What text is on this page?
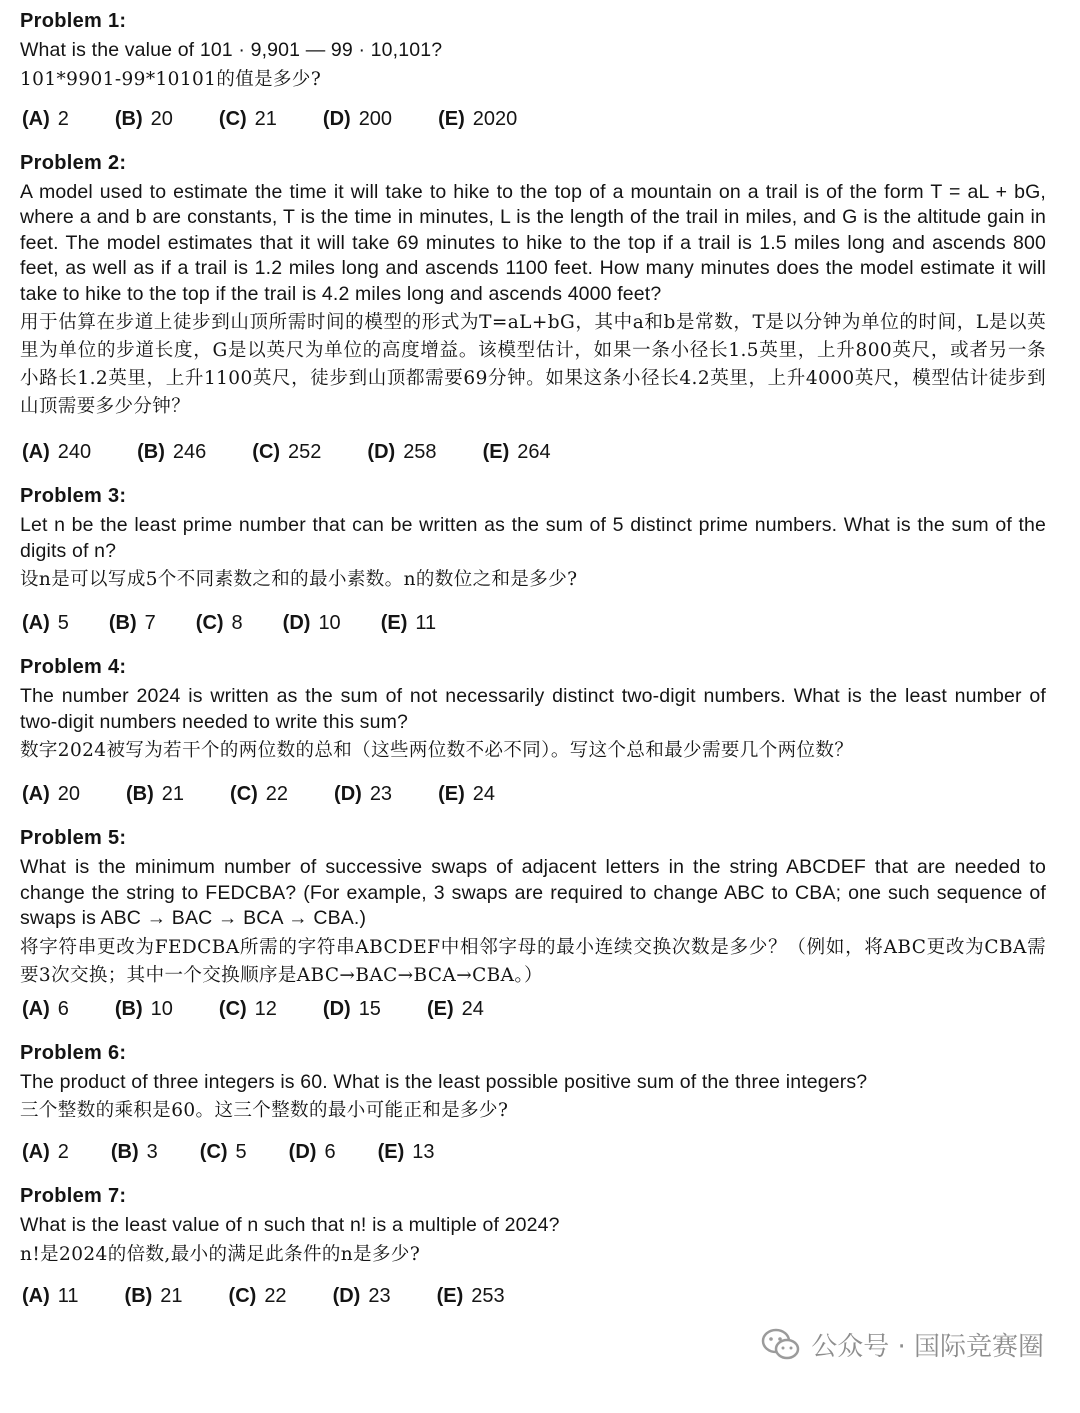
Problem 1:

What is the value of 101 · 9,901 — 99 · 10,101?

101*9901-99*10101的值是多少?

(A) 2 (B) 20 (C) 21 (D) 200 (E) 2020
Problem 2:

A model used to estimate the time it will take to hike to the top of a mountain on a trail is of the form T = aL + bG, where a and b are constants, T is the time in minutes, L is the length of the trail in miles, and G is the altitude gain in feet. The model estimates that it will take 69 minutes to hike to the top if a trail is 1.5 miles long and ascends 800 feet, as well as if a trail is 1.2 miles long and ascends 1100 feet. How many minutes does the model estimate it will take to hike to the top if the trail is 4.2 miles long and ascends 4000 feet?

用于估算在步道上徒步到山顶所需时间的模型的形式为T=aL+bG，其中a和b是常数，T是以分钟为单位的时间，L是以英里为单位的步道长度，G是以英尺为单位的高度增益。该模型估计，如果一条小径长1.5英里，上升800英尺，或者另一条小路长1.2英里，上升1100英尺，徒步到山顶都需要69分钟。如果这条小径长4.2英里，上升4000英尺，模型估计徒步到山顶需要多少分钟？

(A) 240 (B) 246 (C) 252 (D) 258 (E) 264
Problem 3:

Let n be the least prime number that can be written as the sum of 5 distinct prime numbers. What is the sum of the digits of n?

设n是可以写成5个不同素数之和的最小素数。n的数位之和是多少?

(A) 5 (B) 7 (C) 8 (D) 10 (E) 11
Problem 4:

The number 2024 is written as the sum of not necessarily distinct two-digit numbers. What is the least number of two-digit numbers needed to write this sum?

数字2024被写为若干个的两位数的总和（这些两位数不必不同）。写这个总和最少需要几个两位数？

(A) 20 (B) 21 (C) 22 (D) 23 (E) 24
Problem 5:

What is the minimum number of successive swaps of adjacent letters in the string ABCDEF that are needed to change the string to FEDCBA? (For example, 3 swaps are required to change ABC to CBA; one such sequence of swaps is ABC → BAC → BCA → CBA.)

将字符串更改为FEDCBA所需的字符串ABCDEF中相邻字母的最小连续交换次数是多少？（例如，将ABC更改为CBA需要3次交换；其中一个交换顺序是ABC→BAC→BCA→CBA。）

(A) 6 (B) 10 (C) 12 (D) 15 (E) 24
Problem 6:

The product of three integers is 60. What is the least possible positive sum of the three integers?

三个整数的乘积是60。这三个整数的最小可能正和是多少?

(A) 2 (B) 3 (C) 5 (D) 6 (E) 13
Problem 7:

What is the least value of n such that n! is a multiple of 2024?

n!是2024的倍数,最小的满足此条件的n是多少?

(A) 11 (B) 21 (C) 22 (D) 23 (E) 253
公众号 · 国际竞赛圈
